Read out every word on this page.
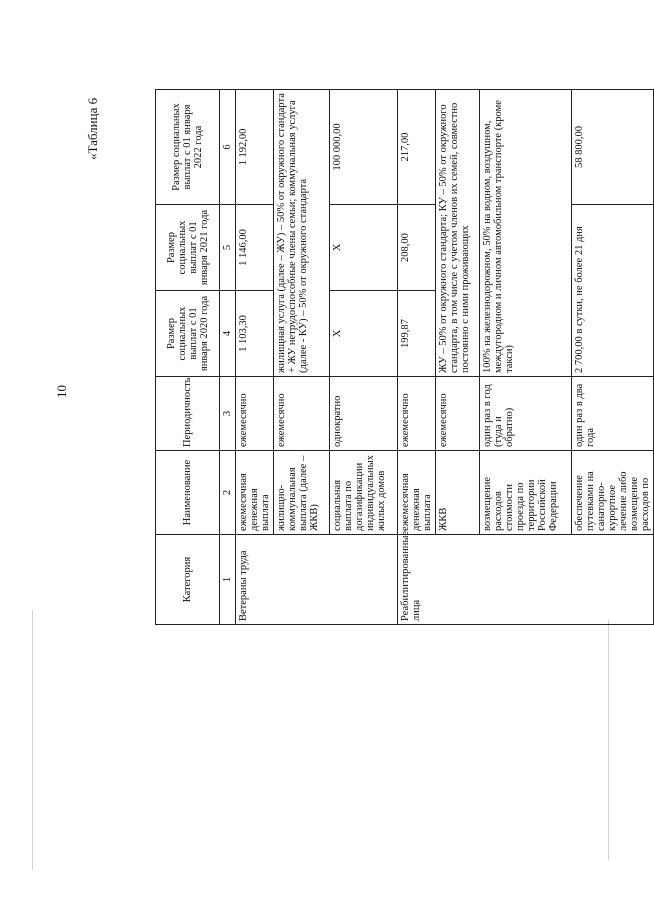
10
«Таблица 6
Категория	Наименование	Периодичность	Размер социальных выплат с 01 января 2020 года	Размер социальных выплат с 01 января 2021 года	Размер социальных выплат с 01 января 2022 года
1	2	3	4	5	6
Ветераны труда	ежемесячная денежная выплата	ежемесячно	1 103,30	1 146,00	1 192,00
	жилищно-коммунальная выплата (далее – ЖКВ)	ежемесячно	жилищная услуга (далее – ЖУ) – 50% от окружного стандарта + ЖУ нетрудоспособные члены семьи; коммунальная услуга (далее - КУ) – 50% от окружного стандарта		
	социальная выплата по догазификации индивидуальных жилых домов	однократно	Х	Х	100 000,00
Реабилитированные лица	ежемесячная денежная выплата	ежемесячно	199,87	208,00	217,00
	ЖКВ	ежемесячно	ЖУ – 50% от окружного стандарта; КУ – 50% от окружного стандарта, в том числе с учетом членов их семей, совместно постоянно с ними проживающих		
	возмещение расходов стоимости проезда по территории Российской Федерации	один раз в год (туда и обратно)	100% на железнодорожном, 50% на водном, воздушном, междугородном и личном автомобильном транспорте (кроме такси)		
	обеспечение путевками на санаторно-курортное лечение либо возмещение расходов по	один раз в два года	2 700,00 в сутки, не более 21 дня		58 800,00
